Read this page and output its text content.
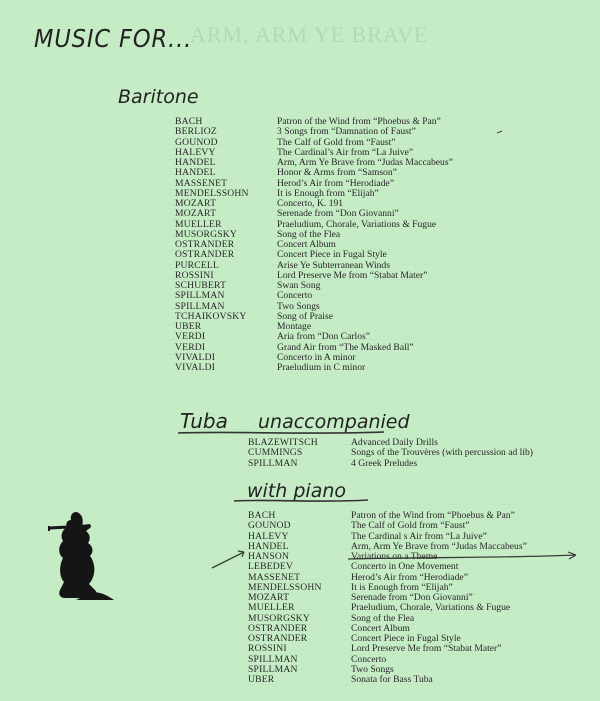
ARM, ARM YE BRAVE
MUSIC FOR...
Baritone
BACH	Patron of the Wind from “Phoebus & Pan”
BERLIOZ	3 Songs from “Damnation of Faust”
GOUNOD	The Calf of Gold from “Faust”
HALEVY	The Cardinal’s Air from “La Juive”
HANDEL	Arm, Arm Ye Brave from “Judas Maccabeus”
HANDEL	Honor & Arms from “Samson”
MASSENET	Herod’s Air from “Herodiade”
MENDELSSOHN	It is Enough from “Elijah”
MOZART	Concerto, K. 191
MOZART	Serenade from “Don Giovanni”
MUELLER	Praeludium, Chorale, Variations & Fugue
MUSORGSKY	Song of the Flea
OSTRANDER	Concert Album
OSTRANDER	Concert Piece in Fugal Style
PURCELL	Arise Ye Subterranean Winds
ROSSINI	Lord Preserve Me from “Stabat Mater”
SCHUBERT	Swan Song
SPILLMAN	Concerto
SPILLMAN	Two Songs
TCHAIKOVSKY	Song of Praise
UBER	Montage
VERDI	Aria from “Don Carlos”
VERDI	Grand Air from “The Masked Ball”
VIVALDI	Concerto in A minor
VIVALDI	Praeludium in C minor
Tuba unaccompanied
BLAZEWITSCH	Advanced Daily Drills
CUMMINGS	Songs of the Trouvères (with percussion ad lib)
SPILLMAN	4 Greek Preludes
with piano
BACH	Patron of the Wind from “Phoebus & Pan”
GOUNOD	The Calf of Gold from “Faust”
HALEVY	The Cardinal s Air from “La Juive”
HANDEL	Arm, Arm Ye Brave from “Judas Maccabeus”
HANSON	Variations on a Theme
LEBEDEV	Concerto in One Movement
MASSENET	Herod’s Air from “Herodiade”
MENDELSSOHN	It is Enough from “Elijah”
MOZART	Serenade from “Don Giovanni”
MUELLER	Praeludium, Chorale, Variations & Fugue
MUSORGSKY	Song of the Flea
OSTRANDER	Concert Album
OSTRANDER	Concert Piece in Fugal Style
ROSSINI	Lord Preserve Me from “Stabat Mater”
SPILLMAN	Concerto
SPILLMAN	Two Songs
UBER	Sonata for Bass Tuba
